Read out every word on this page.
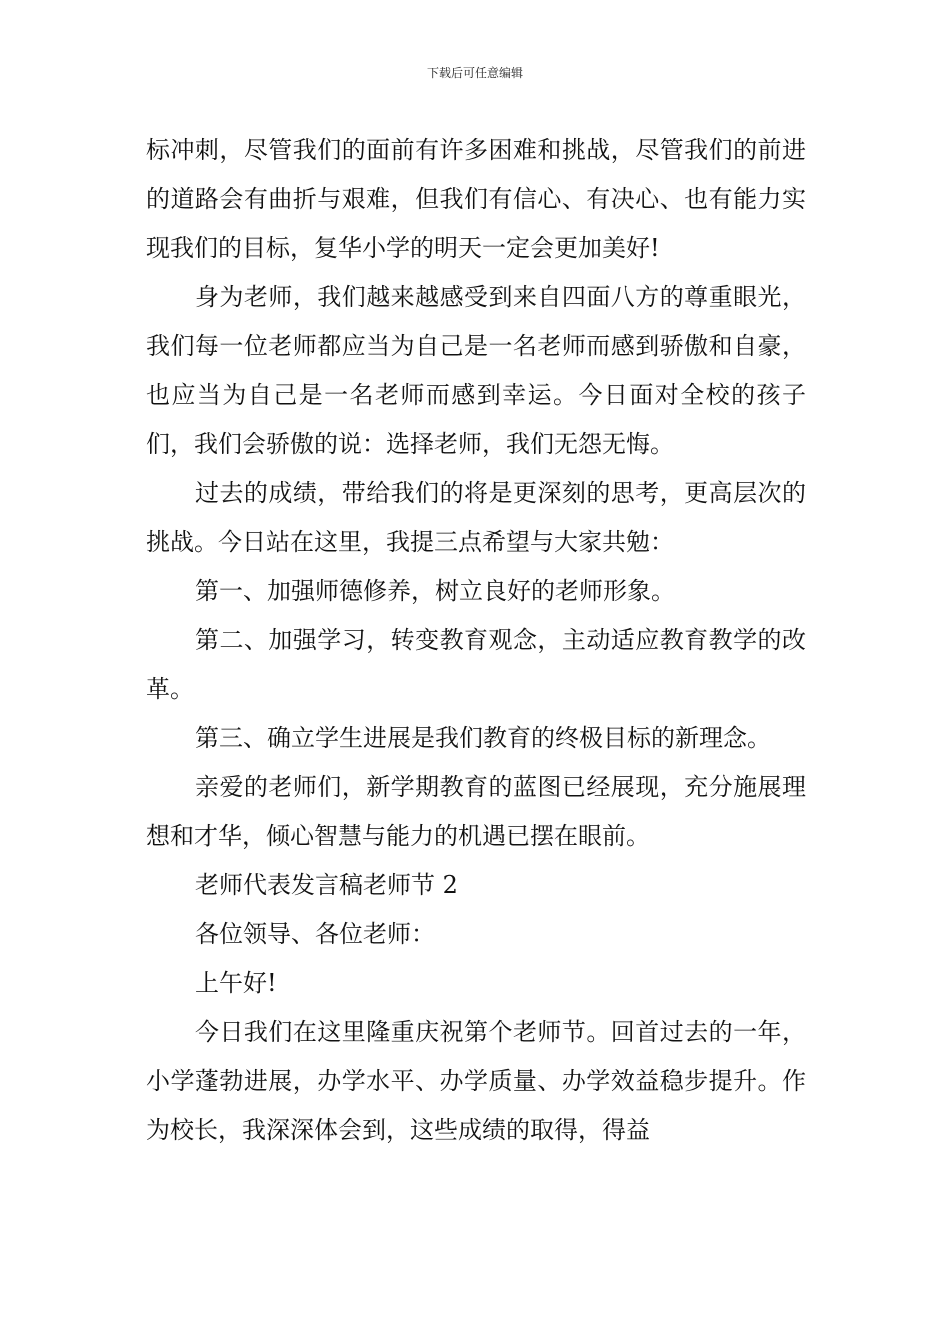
下载后可任意编辑

标冲刺，尽管我们的面前有许多困难和挑战，尽管我们的前进的道路会有曲折与艰难，但我们有信心、有决心、也有能力实现我们的目标，复华小学的明天一定会更加美好!

身为老师，我们越来越感受到来自四面八方的尊重眼光，我们每一位老师都应当为自己是一名老师而感到骄傲和自豪，也应当为自己是一名老师而感到幸运。今日面对全校的孩子们，我们会骄傲的说：选择老师，我们无怨无悔。

过去的成绩，带给我们的将是更深刻的思考，更高层次的挑战。今日站在这里，我提三点希望与大家共勉：

第一、加强师德修养，树立良好的老师形象。

第二、加强学习，转变教育观念，主动适应教育教学的改革。

第三、确立学生进展是我们教育的终极目标的新理念。

亲爱的老师们，新学期教育的蓝图已经展现，充分施展理想和才华，倾心智慧与能力的机遇已摆在眼前。

老师代表发言稿老师节 2

各位领导、各位老师：

上午好!

今日我们在这里隆重庆祝第个老师节。回首过去的一年，小学蓬勃进展，办学水平、办学质量、办学效益稳步提升。作为校长，我深深体会到，这些成绩的取得，得益
